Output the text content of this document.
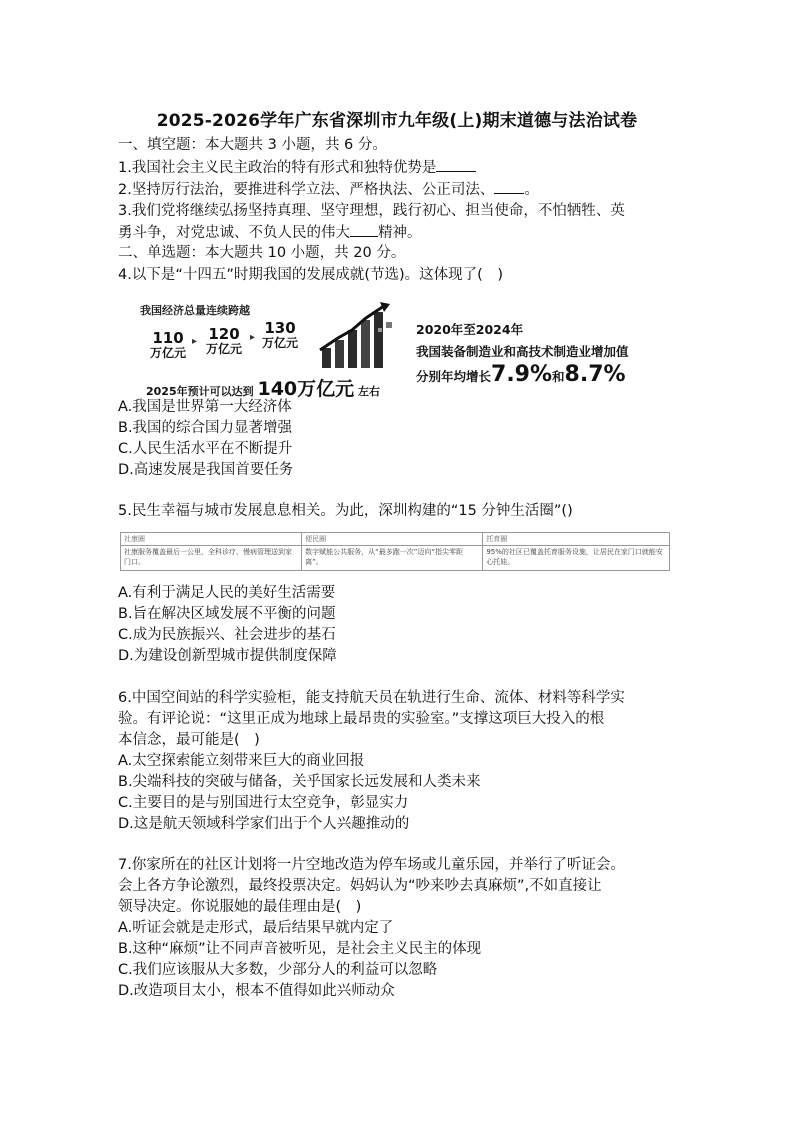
2025-2026学年广东省深圳市九年级(上)期末道德与法治试卷
一、填空题：本大题共 3 小题，共 6 分。
1.我国社会主义民主政治的特有形式和独特优势是
2.坚持厉行法治，要推进科学立法、严格执法、公正司法、 。
3.我们党将继续弘扬坚持真理、坚守理想，践行初心、担当使命，不怕牺牲、英
勇斗争，对党忠诚、不负人民的伟大 精神。
二、单选题：本大题共 10 小题，共 20 分。
4.以下是“十四五”时期我国的发展成就(节选)。这体现了(　)
我国经济总量连续跨越
110
万亿元
▸ 120
万亿元
▸
130
万亿元
2025年预计可以达到 140万亿元 左右
2020年至2024年
我国装备制造业和高技术制造业增加值
分别年均增长7.9%和8.7%
A.我国是世界第一大经济体
B.我国的综合国力显著增强
C.人民生活水平在不断提升
D.高速发展是我国首要任务
5.民生幸福与城市发展息息相关。为此，深圳构建的“15 分钟生活圈”()
社康圈	便民圈	托育圈
社康服务覆盖最后一公里，全科诊疗、慢病管理送到家门口。	数字赋能公共服务，从“最多跑一次”迈向“指尖零距离”。	95%的社区已覆盖托育服务设施，让居民在家门口就能安心托娃。
A.有利于满足人民的美好生活需要
B.旨在解决区域发展不平衡的问题
C.成为民族振兴、社会进步的基石
D.为建设创新型城市提供制度保障
6.中国空间站的科学实验柜，能支持航天员在轨进行生命、流体、材料等科学实
验。有评论说：“这里正成为地球上最昂贵的实验室。”支撑这项巨大投入的根
本信念，最可能是(　)
A.太空探索能立刻带来巨大的商业回报
B.尖端科技的突破与储备，关乎国家长远发展和人类未来
C.主要目的是与别国进行太空竞争，彰显实力
D.这是航天领域科学家们出于个人兴趣推动的
7.你家所在的社区计划将一片空地改造为停车场或儿童乐园，并举行了听证会。
会上各方争论激烈，最终投票决定。妈妈认为“吵来吵去真麻烦”,不如直接让
领导决定。你说服她的最佳理由是(　)
A.听证会就是走形式，最后结果早就内定了
B.这种“麻烦”让不同声音被听见，是社会主义民主的体现
C.我们应该服从大多数，少部分人的利益可以忽略
D.改造项目太小，根本不值得如此兴师动众
